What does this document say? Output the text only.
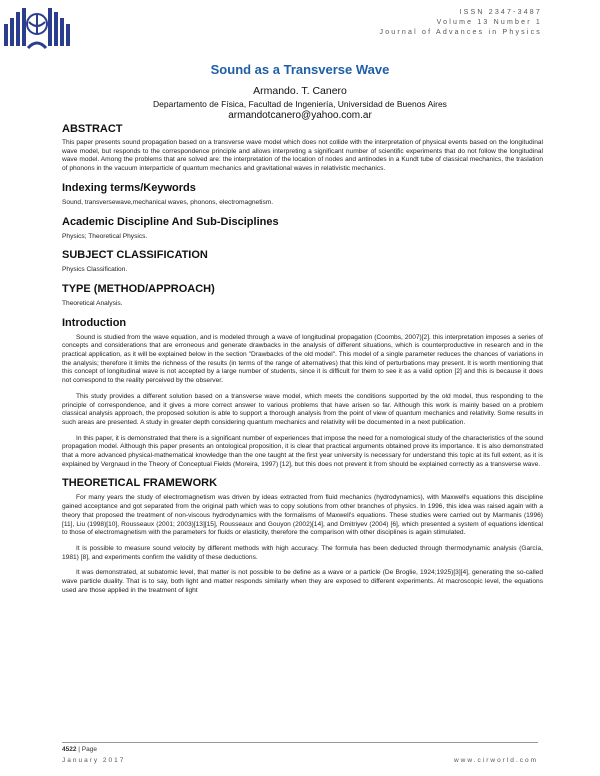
ISSN 2347-3487
Volume 13 Number 1
Journal of Advances in Physics
Sound as a Transverse Wave
Armando. T. Canero
Departamento de Física, Facultad de Ingeniería, Universidad de Buenos Aires
armandotcanero@yahoo.com.ar
ABSTRACT

This paper presents sound propagation based on a transverse wave model which does not collide with the interpretation of physical events based on the longitudinal wave model, but responds to the correspondence principle and allows interpreting a significant number of scientific experiments that do not follow the longitudinal wave model. Among the problems that are solved are: the interpretation of the location of nodes and antinodes in a Kundt tube of classical mechanics, the traslation of phonons in the vacuum interparticle of quantum mechanics and gravitational waves in relativistic mechanics.

Indexing terms/Keywords

Sound, transversewave,mechanical waves, phonons, electromagnetism.

Academic Discipline And Sub-Disciplines

Physics; Theoretical Physics.

SUBJECT CLASSIFICATION

Physics Classification.

TYPE (METHOD/APPROACH)

Theoretical Analysis.

Introduction

Sound is studied from the wave equation, and is modeled through a wave of longitudinal propagation (Coombs, 2007)[2]. this interpretation imposes a series of concepts and considerations that are erroneous and generate drawbacks in the analysis of different situations, which is counterproductive in research and in the practical application, as it will be explained below in the section "Drawbacks of the old model". This model of a single parameter reduces the chances of variations in the analysis; therefore it limits the richness of the results (in terms of the range of alternatives) that this kind of perturbations may present. It is worth mentioning that this concept of longitudinal wave is not accepted by a large number of students, since it is difficult for them to see it as a valid option [2] and this is because it does not correspond to the reality perceived by the observer.

This study provides a different solution based on a transverse wave model, which meets the conditions supported by the old model, thus responding to the principle of correspondence, and it gives a more correct answer to various problems that have arisen so far. Although this work is mainly based on a problem classical analysis approach, the proposed solution is able to support a thorough analysis from the point of view of quantum mechanics and relativity. Some results in such areas are presented. A study in greater depth considering quantum mechanics and relativity will be documented in a next publication.

In this paper, it is demonstrated that there is a significant number of experiences that impose the need for a nomological study of the characteristics of the sound propagation model. Although this paper presents an ontological proposition, it is clear that practical arguments obtained prove its importance. It is also demonstrated that a more advanced physical-mathematical knowledge than the one taught at the first year university is necessary for understand this topic at its full extent, as it is explained by Vergnaud in the Theory of Conceptual Fields (Moreira, 1997) [12], but this does not prevent it from should be explained correctly as a transverse wave.

THEORETICAL FRAMEWORK

For many years the study of electromagnetism was driven by ideas extracted from fluid mechanics (hydrodynamics), with Maxwell's equations this discipline gained acceptance and got separated from the original path which was to copy solutions from other branches of physics. In 1996, this idea was raised again with a theory that proposed the treatment of non-viscous hydrodynamics with the formalisms of Maxwell's equations. These studies were carried out by Marmanis (1996) [11], Liu (1998)[10], Rousseaux (2001; 2003)[13][15], Rousseaux and Gouyon (2002)[14], and Dmitriyev (2004) [6], which presented a system of equations identical to those of electromagnetism with the parameters for fluids or elasticity, therefore the comparison with other disciplines is again stimulated.

It is possible to measure sound velocity by different methods with high accuracy. The formula has been deducted through thermodynamic analysis (García, 1981) [8], and experiments confirm the validity of these deductions.

It was demonstrated, at subatomic level, that matter is not possible to be define as a wave or a particle (De Broglie, 1924;1925)[3][4], generating the so-called wave particle duality. That is to say, both light and matter responds similarly when they are exposed to different experiments. At macroscopic level, the equations used are those applied in the treatment of light

4522 | Page
January 2017	www.cirworld.com
